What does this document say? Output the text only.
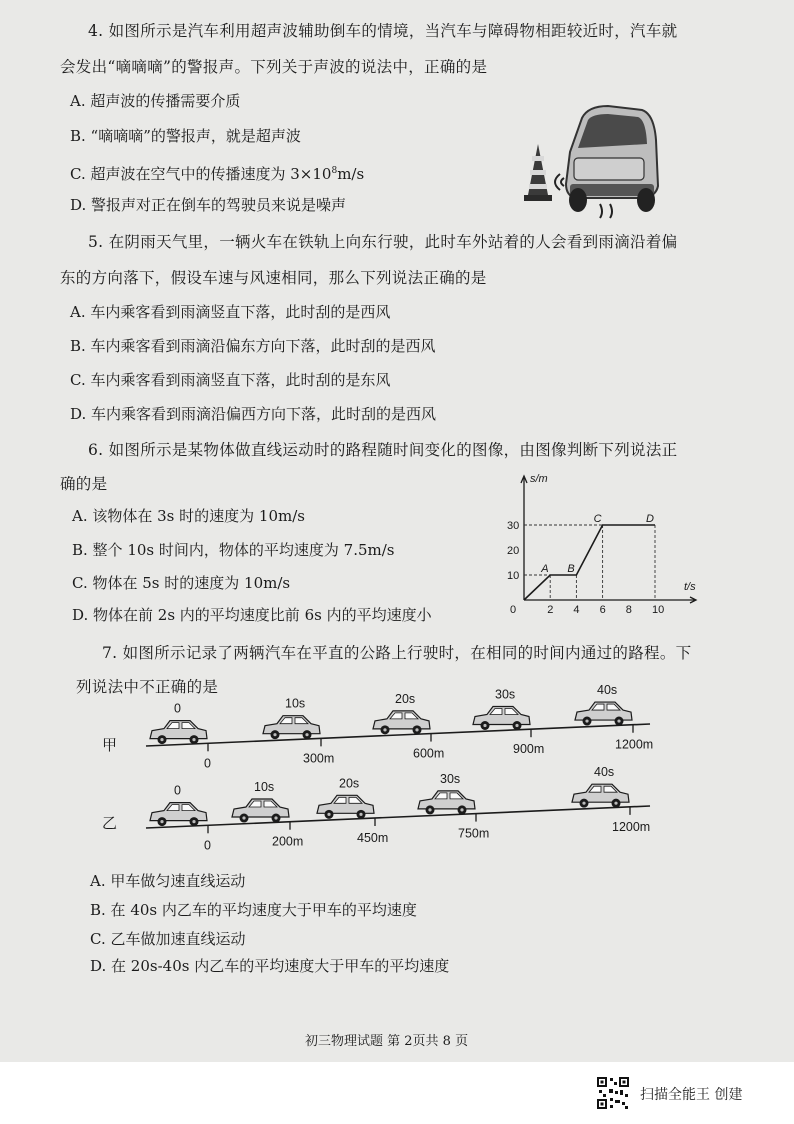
4. 如图所示是汽车利用超声波辅助倒车的情境，当汽车与障碍物相距较近时，汽车就
会发出“嘀嘀嘀”的警报声。下列关于声波的说法中，正确的是
A. 超声波的传播需要介质
B. “嘀嘀嘀”的警报声，就是超声波
C. 超声波在空气中的传播速度为 $3\times 10^8m/s$
D. 警报声对正在倒车的驾驶员来说是噪声
5. 在阴雨天气里，一辆火车在铁轨上向东行驶，此时车外站着的人会看到雨滴沿着偏
东的方向落下，假设车速与风速相同，那么下列说法正确的是
A. 车内乘客看到雨滴竖直下落，此时刮的是西风
B. 车内乘客看到雨滴沿偏东方向下落，此时刮的是西风
C. 车内乘客看到雨滴竖直下落，此时刮的是东风
D. 车内乘客看到雨滴沿偏西方向下落，此时刮的是西风
6. 如图所示是某物体做直线运动时的路程随时间变化的图像，由图像判断下列说法正
确的是
A. 该物体在 3s 时的速度为 10m/s
B. 整个 10s 时间内，物体的平均速度为 7.5m/s
C. 物体在 5s 时的速度为 10m/s
D. 物体在前 2s 内的平均速度比前 6s 内的平均速度小	0	2 4 6 8 10
10
20
30
A B
C	D
s/m
t/s
7. 如图所示记录了两辆汽车在平直的公路上行驶时，在相同的时间内通过的路程。下
列说法中不正确的是
甲
乙
0
0
10s
300m
20s
600m
30s
900m
40s
1200m
0
0
10s
200m
20s
450m
30s
750m
40s
1200m
A. 甲车做匀速直线运动
B. 在 40s 内乙车的平均速度大于甲车的平均速度
C. 乙车做加速直线运动
D. 在 20s-40s 内乙车的平均速度大于甲车的平均速度
初三物理试题 第 2页共 8 页
扫描全能王 创建
